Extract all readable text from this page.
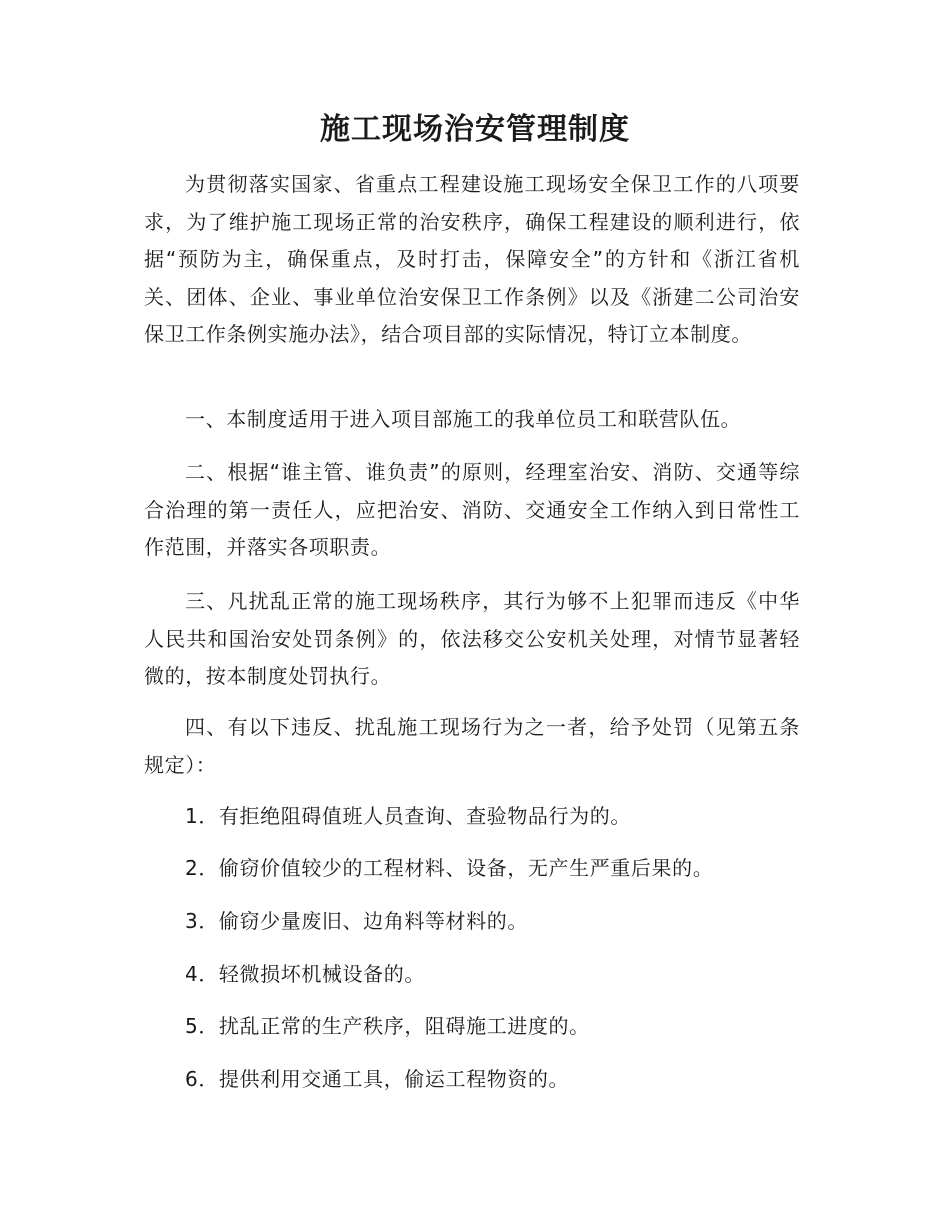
施工现场治安管理制度

为贯彻落实国家、省重点工程建设施工现场安全保卫工作的八项要求，为了维护施工现场正常的治安秩序，确保工程建设的顺利进行，依据“预防为主，确保重点，及时打击，保障安全”的方针和《浙江省机关、团体、企业、事业单位治安保卫工作条例》以及《浙建二公司治安保卫工作条例实施办法》，结合项目部的实际情况，特订立本制度。

一、本制度适用于进入项目部施工的我单位员工和联营队伍。

二、根据“谁主管、谁负责”的原则，经理室治安、消防、交通等综合治理的第一责任人，应把治安、消防、交通安全工作纳入到日常性工作范围，并落实各项职责。

三、凡扰乱正常的施工现场秩序，其行为够不上犯罪而违反《中华人民共和国治安处罚条例》的，依法移交公安机关处理，对情节显著轻微的，按本制度处罚执行。

四、有以下违反、扰乱施工现场行为之一者，给予处罚（见第五条规定）：

1．有拒绝阻碍值班人员查询、查验物品行为的。

2．偷窃价值较少的工程材料、设备，无产生严重后果的。

3．偷窃少量废旧、边角料等材料的。

4．轻微损坏机械设备的。

5．扰乱正常的生产秩序，阻碍施工进度的。

6．提供利用交通工具，偷运工程物资的。
